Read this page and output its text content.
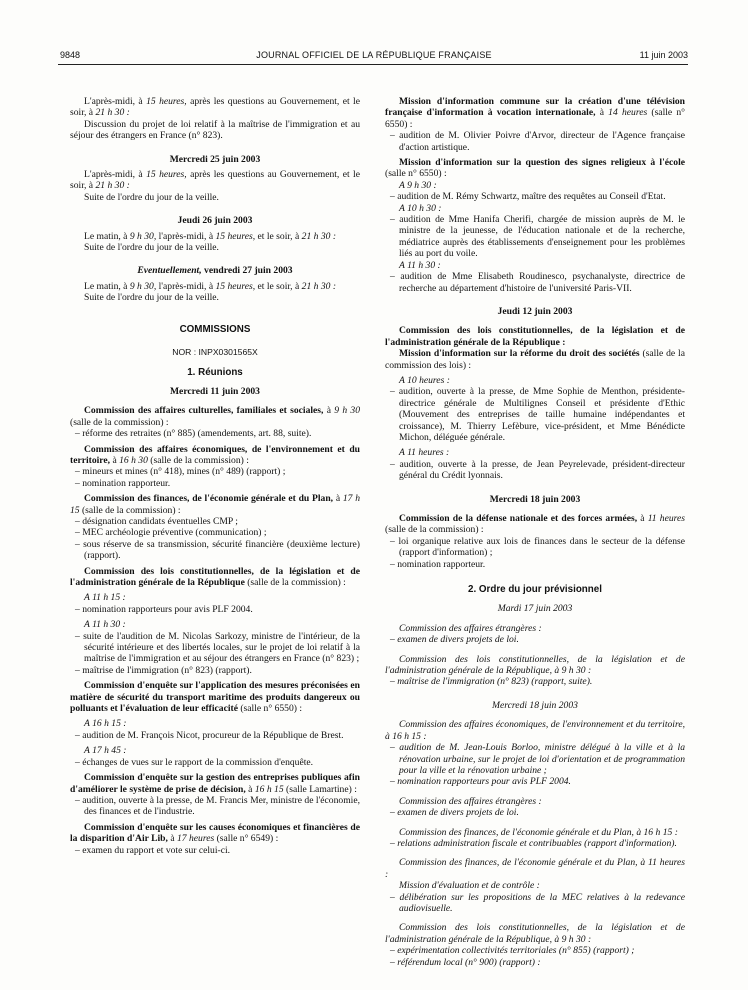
9848	JOURNAL OFFICIEL DE LA RÉPUBLIQUE FRANÇAISE	11 juin 2003

L'après-midi, à 15 heures, après les questions au Gouvernement, et le soir, à 21 h 30 :

Discussion du projet de loi relatif à la maîtrise de l'immigration et au séjour des étrangers en France (n° 823).

Mercredi 25 juin 2003

L'après-midi, à 15 heures, après les questions au Gouvernement, et le soir, à 21 h 30 :

Suite de l'ordre du jour de la veille.

Jeudi 26 juin 2003

Le matin, à 9 h 30, l'après-midi, à 15 heures, et le soir, à 21 h 30 :

Suite de l'ordre du jour de la veille.

Eventuellement, vendredi 27 juin 2003

Le matin, à 9 h 30, l'après-midi, à 15 heures, et le soir, à 21 h 30 :

Suite de l'ordre du jour de la veille.

COMMISSIONS

NOR : INPX0301565X

1. Réunions

Mercredi 11 juin 2003

Commission des affaires culturelles, familiales et sociales, à 9 h 30 (salle de la commission) :

– réforme des retraites (n° 885) (amendements, art. 88, suite).

Commission des affaires économiques, de l'environnement et du territoire, à 16 h 30 (salle de la commission) :

– mineurs et mines (n° 418), mines (n° 489) (rapport) ;

– nomination rapporteur.

Commission des finances, de l'économie générale et du Plan, à 17 h 15 (salle de la commission) :

– désignation candidats éventuelles CMP ;

– MEC archéologie préventive (communication) ;

– sous réserve de sa transmission, sécurité financière (deuxième lecture) (rapport).

Commission des lois constitutionnelles, de la législation et de l'administration générale de la République (salle de la commission) :

A 11 h 15 :

– nomination rapporteurs pour avis PLF 2004.

A 11 h 30 :

– suite de l'audition de M. Nicolas Sarkozy, ministre de l'intérieur, de la sécurité intérieure et des libertés locales, sur le projet de loi relatif à la maîtrise de l'immigration et au séjour des étrangers en France (n° 823) ;

– maîtrise de l'immigration (n° 823) (rapport).

Commission d'enquête sur l'application des mesures préconisées en matière de sécurité du transport maritime des produits dangereux ou polluants et l'évaluation de leur efficacité (salle n° 6550) :

A 16 h 15 :

– audition de M. François Nicot, procureur de la République de Brest.

A 17 h 45 :

– échanges de vues sur le rapport de la commission d'enquête.

Commission d'enquête sur la gestion des entreprises publiques afin d'améliorer le système de prise de décision, à 16 h 15 (salle Lamartine) :

– audition, ouverte à la presse, de M. Francis Mer, ministre de l'économie, des finances et de l'industrie.

Commission d'enquête sur les causes économiques et financières de la disparition d'Air Lib, à 17 heures (salle n° 6549) :

– examen du rapport et vote sur celui-ci.

Mission d'information commune sur la création d'une télévision française d'information à vocation internationale, à 14 heures (salle n° 6550) :

– audition de M. Olivier Poivre d'Arvor, directeur de l'Agence française d'action artistique.

Mission d'information sur la question des signes religieux à l'école (salle n° 6550) :

A 9 h 30 :

– audition de M. Rémy Schwartz, maître des requêtes au Conseil d'Etat.

A 10 h 30 :

– audition de Mme Hanifa Cherifi, chargée de mission auprès de M. le ministre de la jeunesse, de l'éducation nationale et de la recherche, médiatrice auprès des établissements d'enseignement pour les problèmes liés au port du voile.

A 11 h 30 :

– audition de Mme Elisabeth Roudinesco, psychanalyste, directrice de recherche au département d'histoire de l'université Paris-VII.

Jeudi 12 juin 2003

Commission des lois constitutionnelles, de la législation et de l'administration générale de la République :

Mission d'information sur la réforme du droit des sociétés (salle de la commission des lois) :

A 10 heures :

– audition, ouverte à la presse, de Mme Sophie de Menthon, présidente-directrice générale de Multilignes Conseil et présidente d'Ethic (Mouvement des entreprises de taille humaine indépendantes et croissance), M. Thierry Lefèbure, vice-président, et Mme Bénédicte Michon, déléguée générale.

A 11 heures :

– audition, ouverte à la presse, de Jean Peyrelevade, président-directeur général du Crédit lyonnais.

Mercredi 18 juin 2003

Commission de la défense nationale et des forces armées, à 11 heures (salle de la commission) :

– loi organique relative aux lois de finances dans le secteur de la défense (rapport d'information) ;

– nomination rapporteur.

2. Ordre du jour prévisionnel

Mardi 17 juin 2003

Commission des affaires étrangères :

– examen de divers projets de loi.

Commission des lois constitutionnelles, de la législation et de l'administration générale de la République, à 9 h 30 :

– maîtrise de l'immigration (n° 823) (rapport, suite).

Mercredi 18 juin 2003

Commission des affaires économiques, de l'environnement et du territoire, à 16 h 15 :

– audition de M. Jean-Louis Borloo, ministre délégué à la ville et à la rénovation urbaine, sur le projet de loi d'orientation et de programmation pour la ville et la rénovation urbaine ;

– nomination rapporteurs pour avis PLF 2004.

Commission des affaires étrangères :

– examen de divers projets de loi.

Commission des finances, de l'économie générale et du Plan, à 16 h 15 :

– relations administration fiscale et contribuables (rapport d'information).

Commission des finances, de l'économie générale et du Plan, à 11 heures :

Mission d'évaluation et de contrôle :

– délibération sur les propositions de la MEC relatives à la redevance audiovisuelle.

Commission des lois constitutionnelles, de la législation et de l'administration générale de la République, à 9 h 30 :

– expérimentation collectivités territoriales (n° 855) (rapport) ;

– référendum local (n° 900) (rapport) :
